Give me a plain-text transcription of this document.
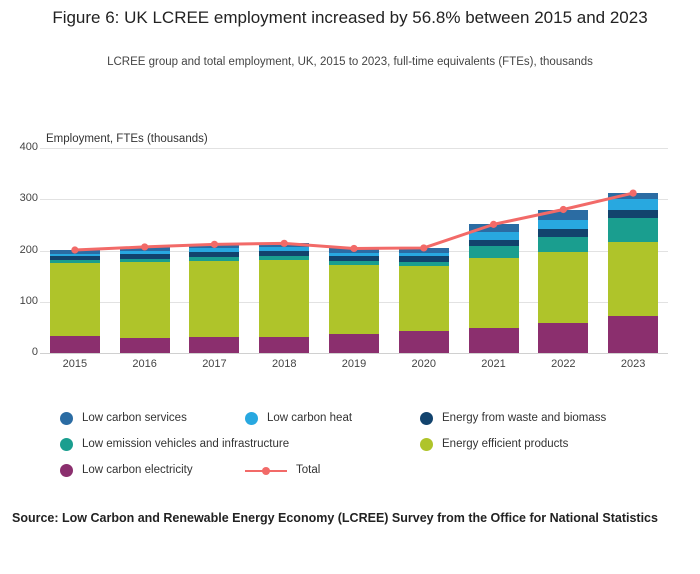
Figure 6: UK LCREE employment increased by 56.8% between 2015 and 2023
LCREE group and total employment, UK, 2015 to 2023, full-time equivalents (FTEs), thousands
Employment, FTEs (thousands)
Low carbon services	Low carbon heat	Energy from waste and biomass
Low emission vehicles and infrastructure	Energy efficient products
Low carbon electricity	Total
Source: Low Carbon and Renewable Energy Economy (LCREE) Survey from the Office for National Statistics
0
100
200
300
400
2015	2016	2017	2018	2019	2020	2021	2022	2023
